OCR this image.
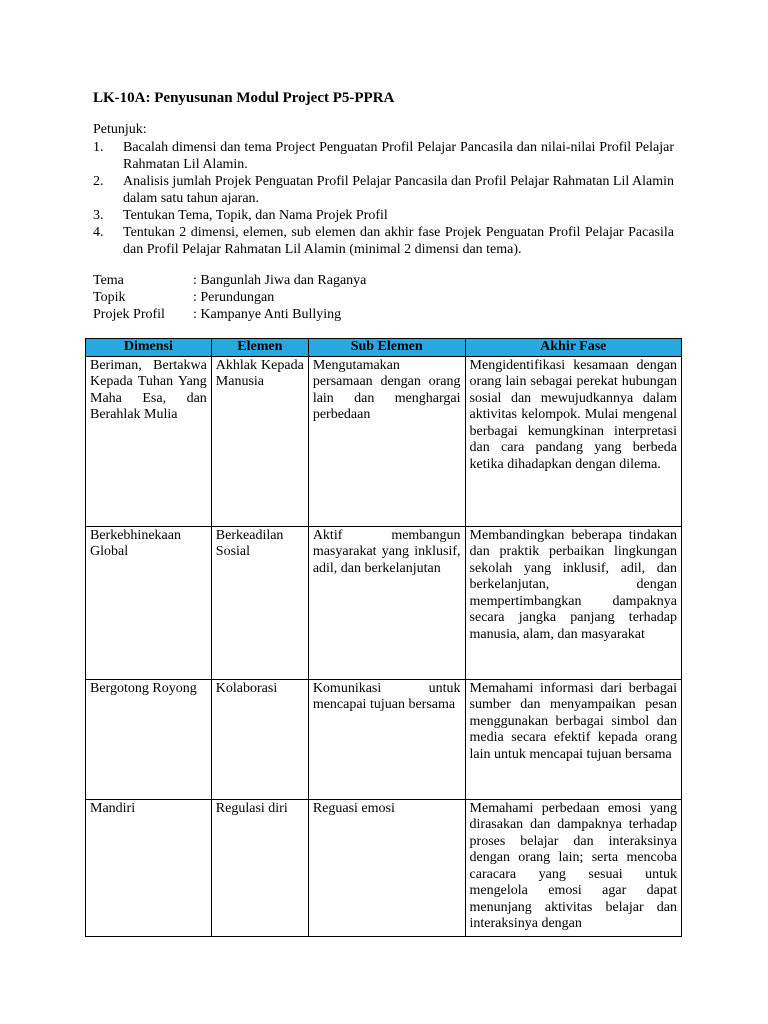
LK-10A: Penyusunan Modul Project P5-PPRA
Petunjuk:
1. Bacalah dimensi dan tema Project Penguatan Profil Pelajar Pancasila dan nilai-nilai Profil Pelajar Rahmatan Lil Alamin.
2. Analisis jumlah Projek Penguatan Profil Pelajar Pancasila dan Profil Pelajar Rahmatan Lil Alamin dalam satu tahun ajaran.
3. Tentukan Tema, Topik, dan Nama Projek Profil
4. Tentukan 2 dimensi, elemen, sub elemen dan akhir fase Projek Penguatan Profil Pelajar Pacasila dan Profil Pelajar Rahmatan Lil Alamin (minimal 2 dimensi dan tema).
Tema	: Bangunlah Jiwa dan Raganya
Topik	: Perundungan
Projek Profil	: Kampanye Anti Bullying
Dimensi	Elemen	Sub Elemen	Akhir Fase
Beriman, Bertakwa Kepada Tuhan Yang Maha Esa, dan Berahlak Mulia	Akhlak Kepada Manusia	Mengutamakan persamaan dengan orang lain dan menghargai perbedaan	Mengidentifikasi kesamaan dengan orang lain sebagai perekat hubungan sosial dan mewujudkannya dalam aktivitas kelompok. Mulai mengenal berbagai kemungkinan interpretasi dan cara pandang yang berbeda ketika dihadapkan dengan dilema.
Berkebhinekaan Global	Berkeadilan Sosial	Aktif membangun masyarakat yang inklusif, adil, dan berkelanjutan	Membandingkan beberapa tindakan dan praktik perbaikan lingkungan sekolah yang inklusif, adil, dan berkelanjutan, dengan mempertimbangkan dampaknya secara jangka panjang terhadap manusia, alam, dan masyarakat
Bergotong Royong	Kolaborasi	Komunikasi untuk mencapai tujuan bersama	Memahami informasi dari berbagai sumber dan menyampaikan pesan menggunakan berbagai simbol dan media secara efektif kepada orang lain untuk mencapai tujuan bersama
Mandiri	Regulasi diri	Reguasi emosi	Memahami perbedaan emosi yang dirasakan dan dampaknya terhadap proses belajar dan interaksinya dengan orang lain; serta mencoba caracara yang sesuai untuk mengelola emosi agar dapat menunjang aktivitas belajar dan interaksinya dengan
